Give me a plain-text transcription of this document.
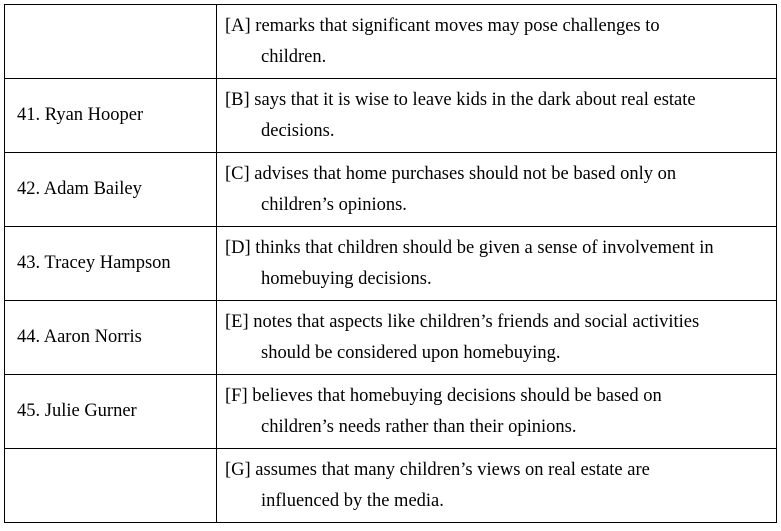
	[A] remarks that significant moves may pose challenges to
children.

41. Ryan Hooper	[B] says that it is wise to leave kids in the dark about real estate
decisions.

42. Adam Bailey	[C] advises that home purchases should not be based only on
children’s opinions.

43. Tracey Hampson	[D] thinks that children should be given a sense of involvement in
homebuying decisions.

44. Aaron Norris	[E] notes that aspects like children’s friends and social activities
should be considered upon homebuying.

45. Julie Gurner	[F] believes that homebuying decisions should be based on
children’s needs rather than their opinions.

	[G] assumes that many children’s views on real estate are
influenced by the media.
